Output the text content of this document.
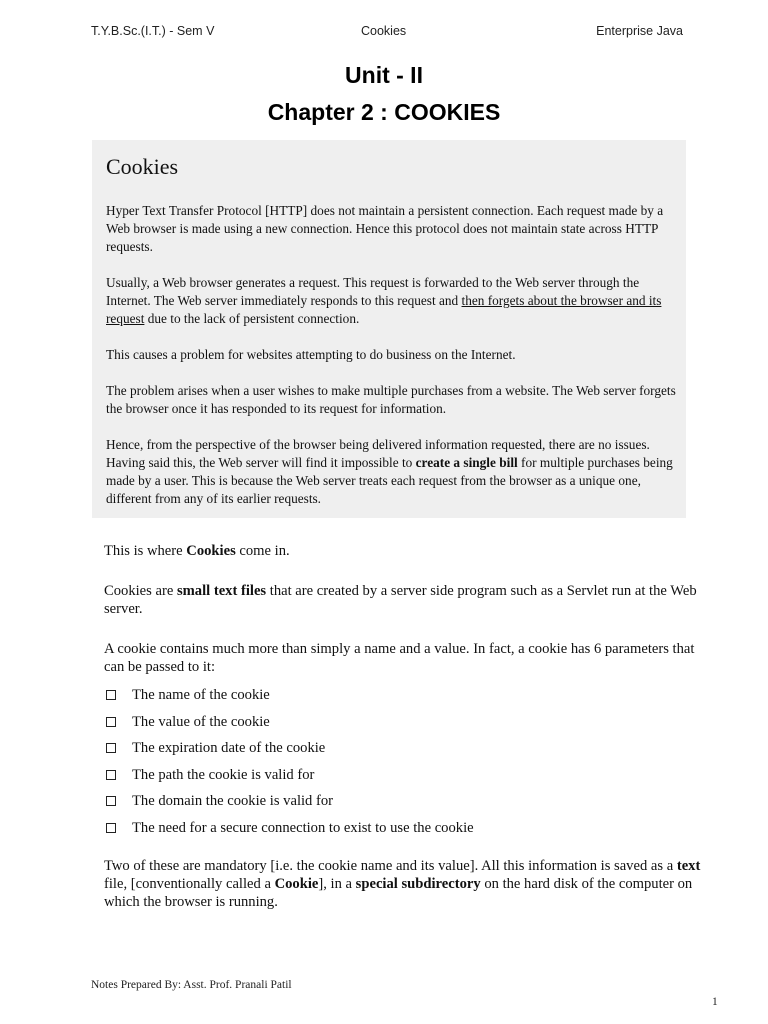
T.Y.B.Sc.(I.T.) - Sem V	Cookies	Enterprise Java
Unit - II
Chapter 2 : COOKIES
Cookies

Hyper Text Transfer Protocol [HTTP] does not maintain a persistent connection. Each request made by a Web browser is made using a new connection. Hence this protocol does not maintain state across HTTP requests.

Usually, a Web browser generates a request. This request is forwarded to the Web server through the Internet. The Web server immediately responds to this request and then forgets about the browser and its request due to the lack of persistent connection.

This causes a problem for websites attempting to do business on the Internet.

The problem arises when a user wishes to make multiple purchases from a website. The Web server forgets the browser once it has responded to its request for information.

Hence, from the perspective of the browser being delivered information requested, there are no issues. Having said this, the Web server will find it impossible to create a single bill for multiple purchases being made by a user. This is because the Web server treats each request from the browser as a unique one, different from any of its earlier requests.

This is where Cookies come in.

Cookies are small text files that are created by a server side program such as a Servlet run at the Web server.

A cookie contains much more than simply a name and a value. In fact, a cookie has 6 parameters that can be passed to it:

The name of the cookie
The value of the cookie
The expiration date of the cookie
The path the cookie is valid for
The domain the cookie is valid for
The need for a secure connection to exist to use the cookie

Two of these are mandatory [i.e. the cookie name and its value]. All this information is saved as a text file, [conventionally called a Cookie], in a special subdirectory on the hard disk of the computer on which the browser is running.

Notes Prepared By: Asst. Prof. Pranali Patil
1
